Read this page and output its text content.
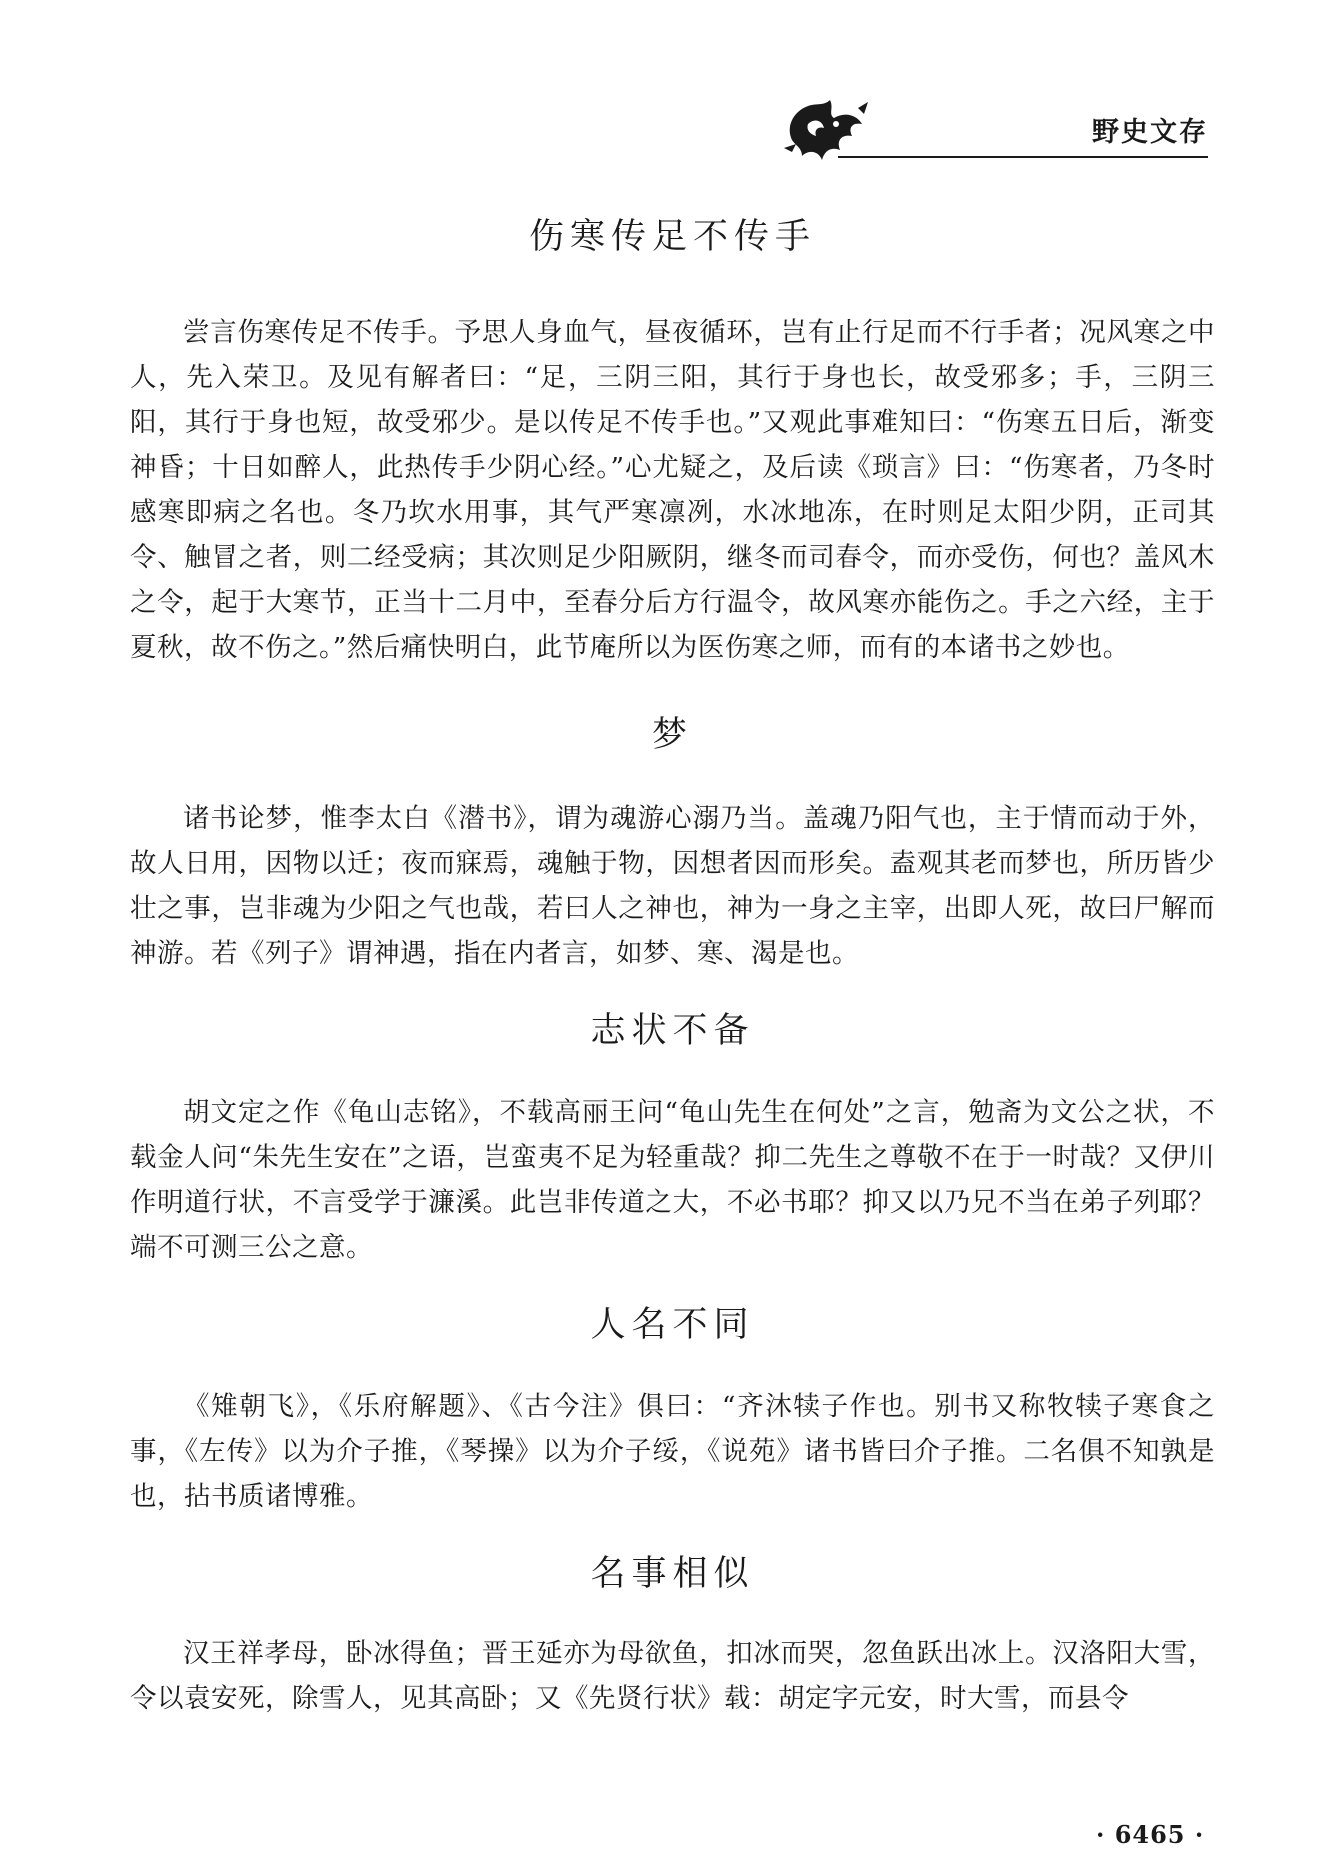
野史文存
伤寒传足不传手

尝言伤寒传足不传手。予思人身血气，昼夜循环，岂有止行足而不行手者；况风寒之中人，先入荣卫。及见有解者曰：“足，三阴三阳，其行于身也长，故受邪多；手，三阴三阳，其行于身也短，故受邪少。是以传足不传手也。”又观此事难知曰：“伤寒五日后，渐变神昏；十日如醉人，此热传手少阴心经。”心尤疑之，及后读《琐言》曰：“伤寒者，乃冬时感寒即病之名也。冬乃坎水用事，其气严寒凛冽，水冰地冻，在时则足太阳少阴，正司其令、触冒之者，则二经受病；其次则足少阳厥阴，继冬而司春令，而亦受伤，何也？盖风木之令，起于大寒节，正当十二月中，至春分后方行温令，故风寒亦能伤之。手之六经，主于夏秋，故不伤之。”然后痛快明白，此节庵所以为医伤寒之师，而有的本诸书之妙也。

梦

诸书论梦，惟李太白《潜书》，谓为魂游心溺乃当。盖魂乃阳气也，主于情而动于外，故人日用，因物以迁；夜而寐焉，魂触于物，因想者因而形矣。盍观其老而梦也，所历皆少壮之事，岂非魂为少阳之气也哉，若曰人之神也，神为一身之主宰，出即人死，故曰尸解而神游。若《列子》谓神遇，指在内者言，如梦、寒、渴是也。

志状不备

胡文定之作《龟山志铭》，不载高丽王问“龟山先生在何处”之言，勉斋为文公之状，不载金人问“朱先生安在”之语，岂蛮夷不足为轻重哉？抑二先生之尊敬不在于一时哉？又伊川作明道行状，不言受学于濂溪。此岂非传道之大，不必书耶？抑又以乃兄不当在弟子列耶？端不可测三公之意。

人名不同

《雉朝飞》，《乐府解题》、《古今注》俱曰：“齐沐犊子作也。别书又称牧犊子寒食之事，《左传》以为介子推，《琴操》以为介子绥，《说苑》诸书皆曰介子推。二名俱不知孰是也，拈书质诸博雅。

名事相似

汉王祥孝母，卧冰得鱼；晋王延亦为母欲鱼，扣冰而哭，忽鱼跃出冰上。汉洛阳大雪，令以袁安死，除雪人，见其高卧；又《先贤行状》载：胡定字元安，时大雪，而县令

· 6465 ·
